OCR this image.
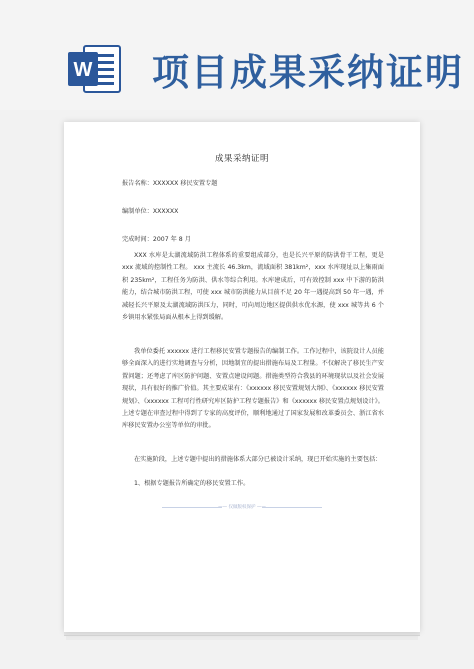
W 项目成果采纳证明
成果采纳证明
报告名称：XXXXXX 移民安置专题
编制单位：XXXXXX
完成时间：2007 年 8 月
XXX 水库是太湖流域防洪工程体系的重要组成部分，也是长兴平原的防洪骨干工程，更是 xxx 流域的控制性工程。 xxx 主流长 46.3km，流域面积 381km²，xxx 水库现址以上集雨面积 235km²，工程任务为防洪、供水等综合利用。水库建成后，可有效控制 xxx 中下游的防洪能力，结合城市防洪工程，可使 xxx 城市防洪能力从目前不足 20 年一遇提高到 50 年一遇，并减轻长兴平原及太湖流域防洪压力，同时，可向周边地区提供供水优水源，使 xxx 城等共 6 个乡镇用水紧张局面从根本上得到缓解。
我单位委托 xxxxxx 进行工程移民安置专题报告的编制工作。工作过程中，该院设计人员能够全面深入的进行实地调查与分析，因地制宜的提出措施布局及工程量。不仅解决了移民生产安置问题；还考虑了库区防护问题、安置点建设问题。措施类型符合我县的环境现状以及社会发展现状，具有很好的推广价值。其主要成果有：《xxxxxx 移民安置规划大纲》、《xxxxxx 移民安置规划》、《xxxxxx 工程可行性研究库区防护工程专题报告》和《xxxxxx 移民安置点规划设计》。上述专题在审查过程中得到了专家的高度评价，顺利地通过了国家发展和改革委员会、浙江省水库移民安置办公室等单位的审批。
在实施阶段，上述专题中提出的措施体系大部分已被设计采纳，现已开始实施的主要包括：
1、根据专题报告所确定的移民安置工作。
—— 仅做版权保护 ——
